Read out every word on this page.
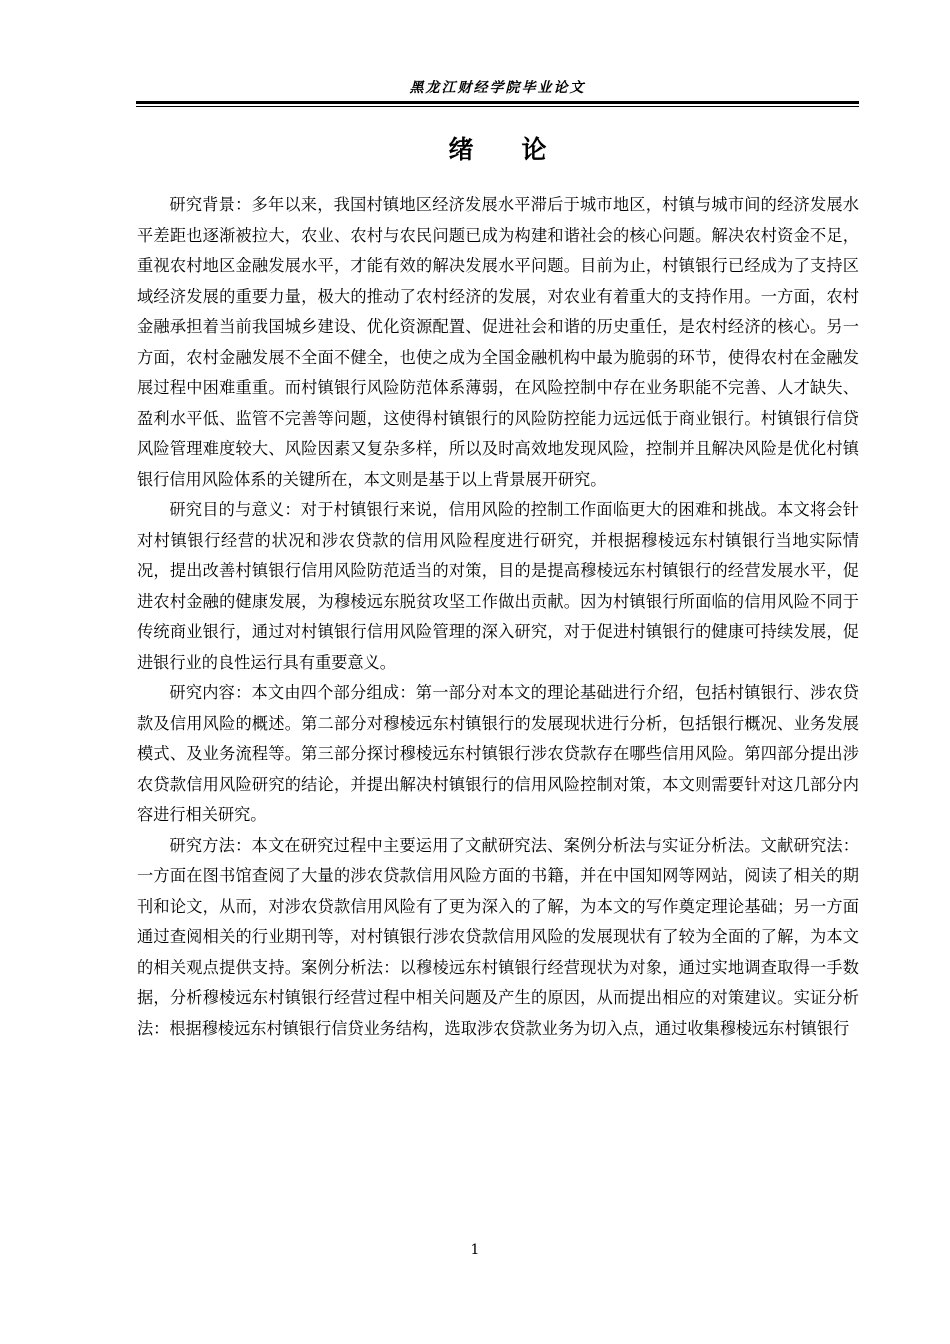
黑龙江财经学院毕业论文
绪论

研究背景：多年以来，我国村镇地区经济发展水平滞后于城市地区，村镇与城市间的经济发展水平差距也逐渐被拉大，农业、农村与农民问题已成为构建和谐社会的核心问题。解决农村资金不足，重视农村地区金融发展水平，才能有效的解决发展水平问题。目前为止，村镇银行已经成为了支持区域经济发展的重要力量，极大的推动了农村经济的发展，对农业有着重大的支持作用。一方面，农村金融承担着当前我国城乡建设、优化资源配置、促进社会和谐的历史重任，是农村经济的核心。另一方面，农村金融发展不全面不健全，也使之成为全国金融机构中最为脆弱的环节，使得农村在金融发展过程中困难重重。而村镇银行风险防范体系薄弱，在风险控制中存在业务职能不完善、人才缺失、盈利水平低、监管不完善等问题，这使得村镇银行的风险防控能力远远低于商业银行。村镇银行信贷风险管理难度较大、风险因素又复杂多样，所以及时高效地发现风险，控制并且解决风险是优化村镇银行信用风险体系的关键所在，本文则是基于以上背景展开研究。

研究目的与意义：对于村镇银行来说，信用风险的控制工作面临更大的困难和挑战。本文将会针对村镇银行经营的状况和涉农贷款的信用风险程度进行研究，并根据穆棱远东村镇银行当地实际情况，提出改善村镇银行信用风险防范适当的对策，目的是提高穆棱远东村镇银行的经营发展水平，促进农村金融的健康发展，为穆棱远东脱贫攻坚工作做出贡献。因为村镇银行所面临的信用风险不同于传统商业银行，通过对村镇银行信用风险管理的深入研究，对于促进村镇银行的健康可持续发展，促进银行业的良性运行具有重要意义。

研究内容：本文由四个部分组成：第一部分对本文的理论基础进行介绍，包括村镇银行、涉农贷款及信用风险的概述。第二部分对穆棱远东村镇银行的发展现状进行分析，包括银行概况、业务发展模式、及业务流程等。第三部分探讨穆棱远东村镇银行涉农贷款存在哪些信用风险。第四部分提出涉农贷款信用风险研究的结论，并提出解决村镇银行的信用风险控制对策，本文则需要针对这几部分内容进行相关研究。

研究方法：本文在研究过程中主要运用了文献研究法、案例分析法与实证分析法。文献研究法：一方面在图书馆查阅了大量的涉农贷款信用风险方面的书籍，并在中国知网等网站，阅读了相关的期刊和论文，从而，对涉农贷款信用风险有了更为深入的了解，为本文的写作奠定理论基础；另一方面通过查阅相关的行业期刊等，对村镇银行涉农贷款信用风险的发展现状有了较为全面的了解，为本文的相关观点提供支持。案例分析法：以穆棱远东村镇银行经营现状为对象，通过实地调查取得一手数据，分析穆棱远东村镇银行经营过程中相关问题及产生的原因，从而提出相应的对策建议。实证分析法：根据穆棱远东村镇银行信贷业务结构，选取涉农贷款业务为切入点，通过收集穆棱远东村镇银行

1
